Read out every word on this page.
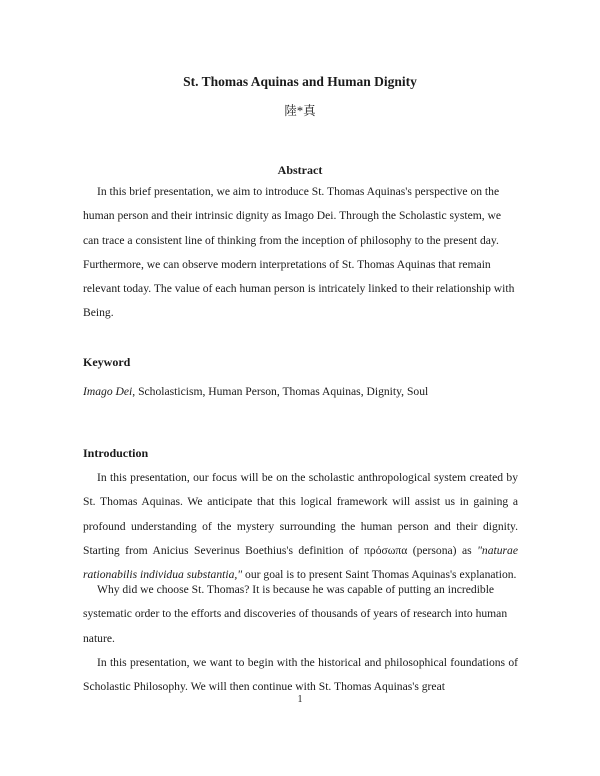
St. Thomas Aquinas and Human Dignity
陸*真
Abstract

In this brief presentation, we aim to introduce St. Thomas Aquinas's perspective on the human person and their intrinsic dignity as Imago Dei. Through the Scholastic system, we can trace a consistent line of thinking from the inception of philosophy to the present day. Furthermore, we can observe modern interpretations of St. Thomas Aquinas that remain relevant today. The value of each human person is intricately linked to their relationship with Being.

Keyword

Imago Dei, Scholasticism, Human Person, Thomas Aquinas, Dignity, Soul

Introduction

In this presentation, our focus will be on the scholastic anthropological system created by St. Thomas Aquinas. We anticipate that this logical framework will assist us in gaining a profound understanding of the mystery surrounding the human person and their dignity. Starting from Anicius Severinus Boethius's definition of πρόσωπα (persona) as "naturae rationabilis individua substantia," our goal is to present Saint Thomas Aquinas's explanation.

Why did we choose St. Thomas? It is because he was capable of putting an incredible systematic order to the efforts and discoveries of thousands of years of research into human nature.

In this presentation, we want to begin with the historical and philosophical foundations of Scholastic Philosophy. We will then continue with St. Thomas Aquinas's great

1
